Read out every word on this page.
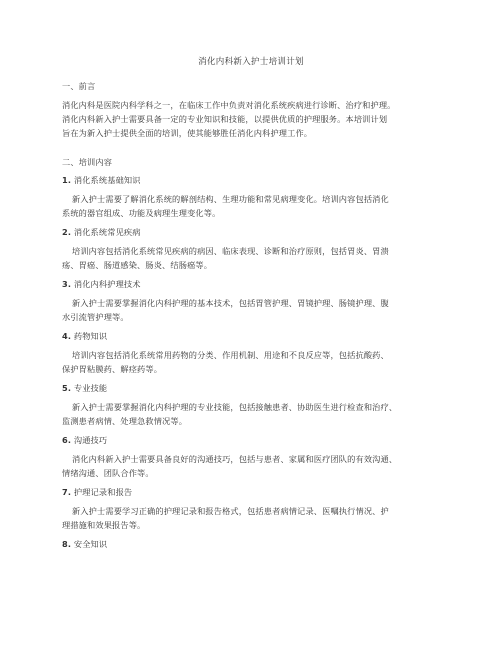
消化内科新入护士培训计划
一、前言
消化内科是医院内科学科之一，在临床工作中负责对消化系统疾病进行诊断、治疗和护理。
消化内科新入护士需要具备一定的专业知识和技能，以提供优质的护理服务。本培训计划
旨在为新入护士提供全面的培训，使其能够胜任消化内科护理工作。
二、培训内容
1. 消化系统基础知识
新入护士需要了解消化系统的解剖结构、生理功能和常见病理变化。培训内容包括消化
系统的器官组成、功能及病理生理变化等。
2. 消化系统常见疾病
培训内容包括消化系统常见疾病的病因、临床表现、诊断和治疗原则，包括胃炎、胃溃
疡、胃癌、肠道感染、肠炎、结肠癌等。
3. 消化内科护理技术
新入护士需要掌握消化内科护理的基本技术，包括胃管护理、胃镜护理、肠镜护理、腹
水引流管护理等。
4. 药物知识
培训内容包括消化系统常用药物的分类、作用机制、用途和不良反应等，包括抗酸药、
保护胃粘膜药、解痉药等。
5. 专业技能
新入护士需要掌握消化内科护理的专业技能，包括接触患者、协助医生进行检查和治疗、
监测患者病情、处理急救情况等。
6. 沟通技巧
消化内科新入护士需要具备良好的沟通技巧，包括与患者、家属和医疗团队的有效沟通、
情绪沟通、团队合作等。
7. 护理记录和报告
新入护士需要学习正确的护理记录和报告格式，包括患者病情记录、医嘱执行情况、护
理措施和效果报告等。
8. 安全知识
